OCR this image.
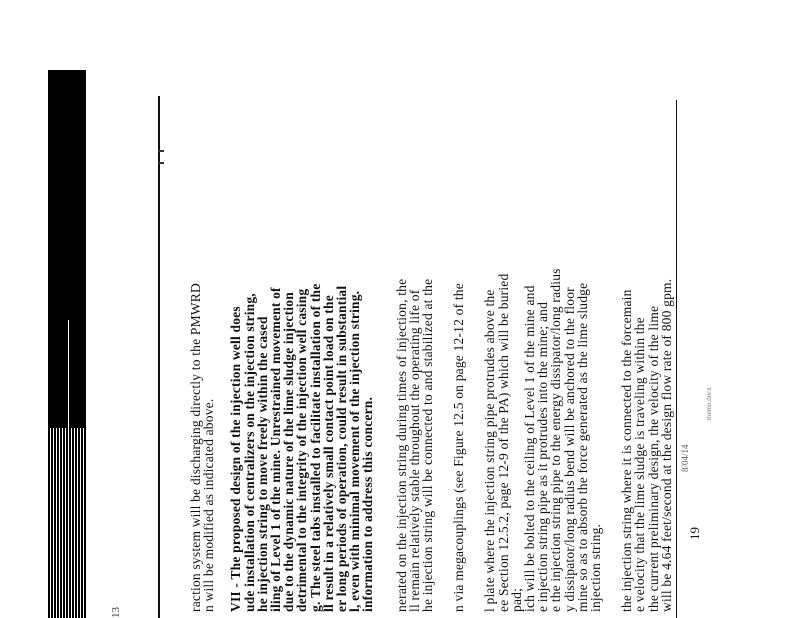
13
raction system will be discharging directly to the PMWRD
n will be modified as indicated above. VII - The proposed design of the injection well does
ude installation of centralizers on the injection string,
he injection string to move freely within the cased
iling of Level 1 of the mine. Unrestrained movement of
due to the dynamic nature of the lime sludge injection
detrimental to the integrity of the injection well casing
g. The steel tabs installed to facilitate installation of the
ll result in a relatively small contact point load on the
er long periods of operation, could result in substantial
l, even with minimal movement of the injection string.
information to address this concern. nerated on the injection string during times of injection, the
ll remain relatively stable throughout the operating life of
he injection string will be connected to and stabilized at the n via megacouplings (see Figure 12.5 on page 12-12 of the l plate where the injection string pipe protrudes above the
ee Section 12.5.2, page 12-9 of the PA) which will be buried
pad;
ich will be bolted to the ceiling of Level 1 of the mine and
e injection string pipe as it protrudes into the mine; and
e the injection string pipe to the energy dissipator/long radius
y dissipator/long radius bend will be anchored to the floor
mine so as to absorb the force generated as the lime sludge
injection string. the injection string where it is connected to the forcemain
e velocity that the lime sludge is traveling within the
the current preliminary design, the velocity of the lime
will be 4.64 feet/second at the design flow rate of 800 gpm. 19
8/04/14
memo.docx
